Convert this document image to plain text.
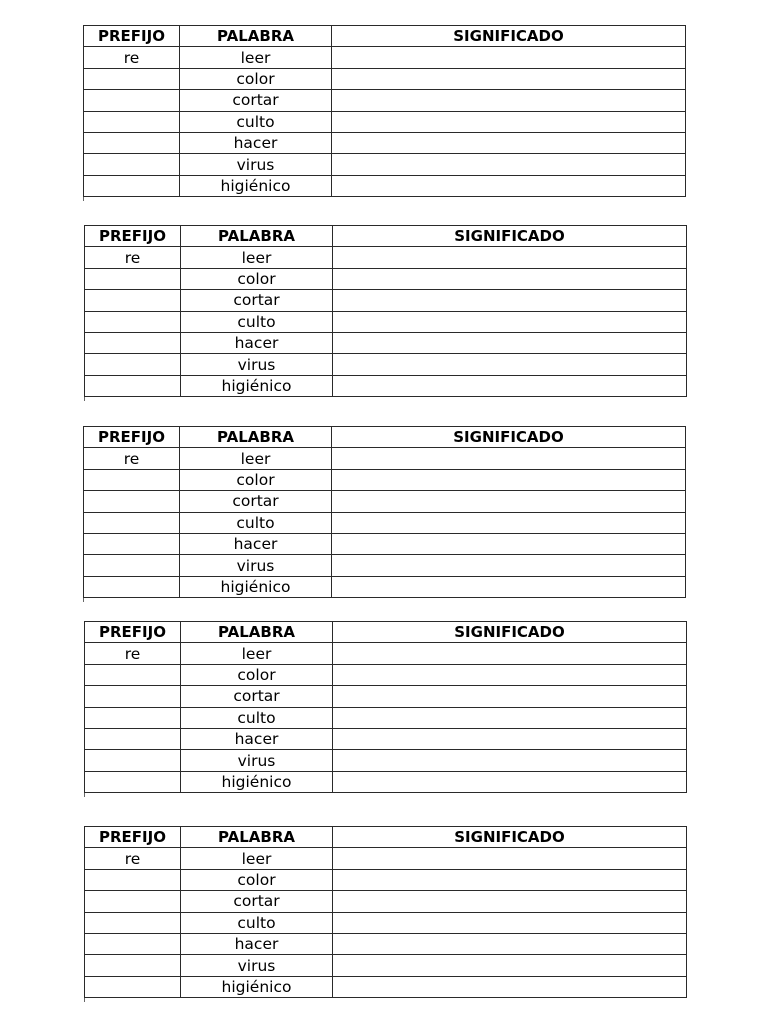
PREFIJO	PALABRA	SIGNIFICADO
re	leer	
	color	
	cortar	
	culto	
	hacer	
	virus	
	higiénico	
PREFIJO	PALABRA	SIGNIFICADO
re	leer	
	color	
	cortar	
	culto	
	hacer	
	virus	
	higiénico	
PREFIJO	PALABRA	SIGNIFICADO
re	leer	
	color	
	cortar	
	culto	
	hacer	
	virus	
	higiénico	
PREFIJO	PALABRA	SIGNIFICADO
re	leer	
	color	
	cortar	
	culto	
	hacer	
	virus	
	higiénico	
PREFIJO	PALABRA	SIGNIFICADO
re	leer	
	color	
	cortar	
	culto	
	hacer	
	virus	
	higiénico	
